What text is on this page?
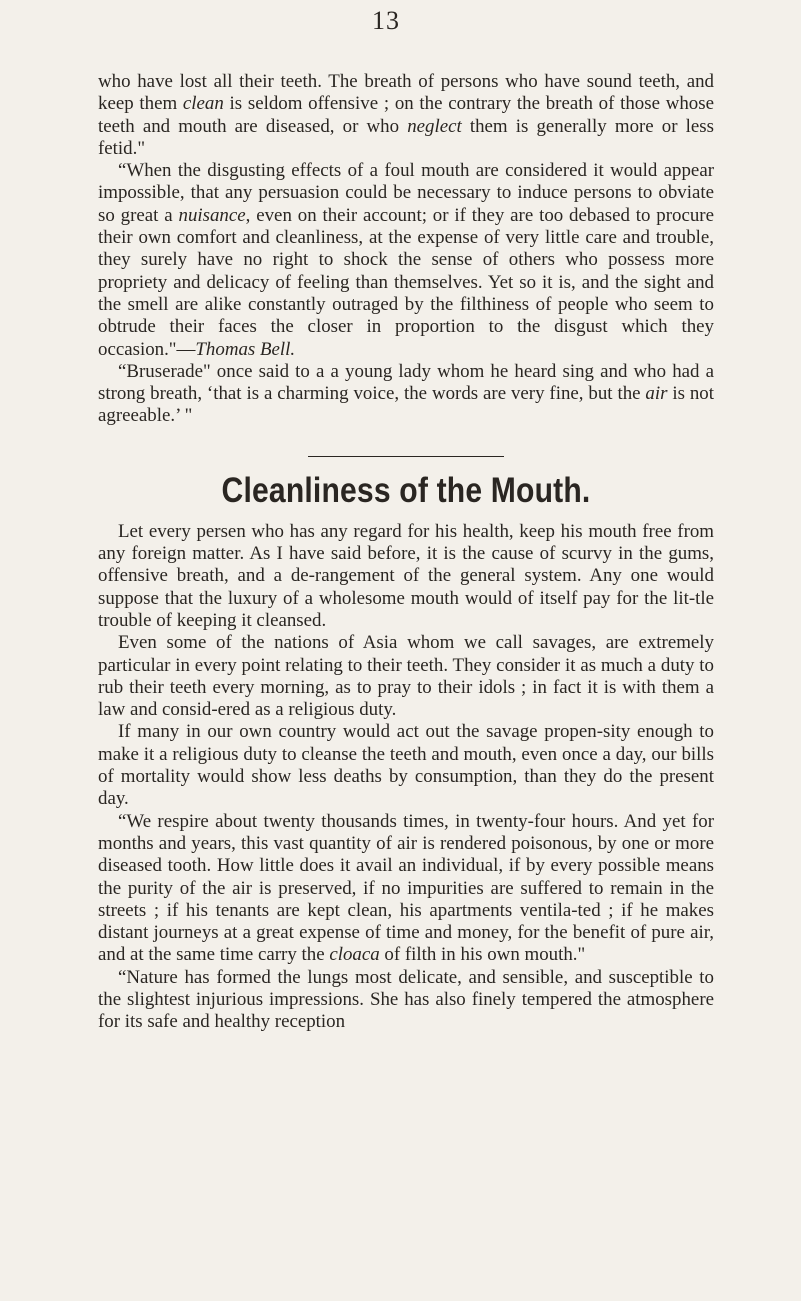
13

who have lost all their teeth. The breath of persons who have sound teeth, and keep them clean is seldom offensive ; on the contrary the breath of those whose teeth and mouth are diseased, or who neglect them is generally more or less fetid."

“When the disgusting effects of a foul mouth are considered it would appear impossible, that any persuasion could be necessary to induce persons to obviate so great a nuisance, even on their account; or if they are too debased to procure their own comfort and cleanliness, at the expense of very little care and trouble, they surely have no right to shock the sense of others who possess more propriety and delicacy of feeling than themselves. Yet so it is, and the sight and the smell are alike constantly outraged by the filthiness of people who seem to obtrude their faces the closer in proportion to the disgust which they occasion."—Thomas Bell.

“Bruserade" once said to a a young lady whom he heard sing and who had a strong breath, ‘that is a charming voice, the words are very fine, but the air is not agreeable.’ "

Cleanliness of the Mouth.

Let every persen who has any regard for his health, keep his mouth free from any foreign matter. As I have said before, it is the cause of scurvy in the gums, offensive breath, and a de-rangement of the general system. Any one would suppose that the luxury of a wholesome mouth would of itself pay for the lit-tle trouble of keeping it cleansed.

Even some of the nations of Asia whom we call savages, are extremely particular in every point relating to their teeth. They consider it as much a duty to rub their teeth every morning, as to pray to their idols ; in fact it is with them a law and consid-ered as a religious duty.

If many in our own country would act out the savage propen-sity enough to make it a religious duty to cleanse the teeth and mouth, even once a day, our bills of mortality would show less deaths by consumption, than they do the present day.

“We respire about twenty thousands times, in twenty-four hours. And yet for months and years, this vast quantity of air is rendered poisonous, by one or more diseased tooth. How little does it avail an individual, if by every possible means the purity of the air is preserved, if no impurities are suffered to remain in the streets ; if his tenants are kept clean, his apartments ventila-ted ; if he makes distant journeys at a great expense of time and money, for the benefit of pure air, and at the same time carry the cloaca of filth in his own mouth."

“Nature has formed the lungs most delicate, and sensible, and susceptible to the slightest injurious impressions. She has also finely tempered the atmosphere for its safe and healthy reception
